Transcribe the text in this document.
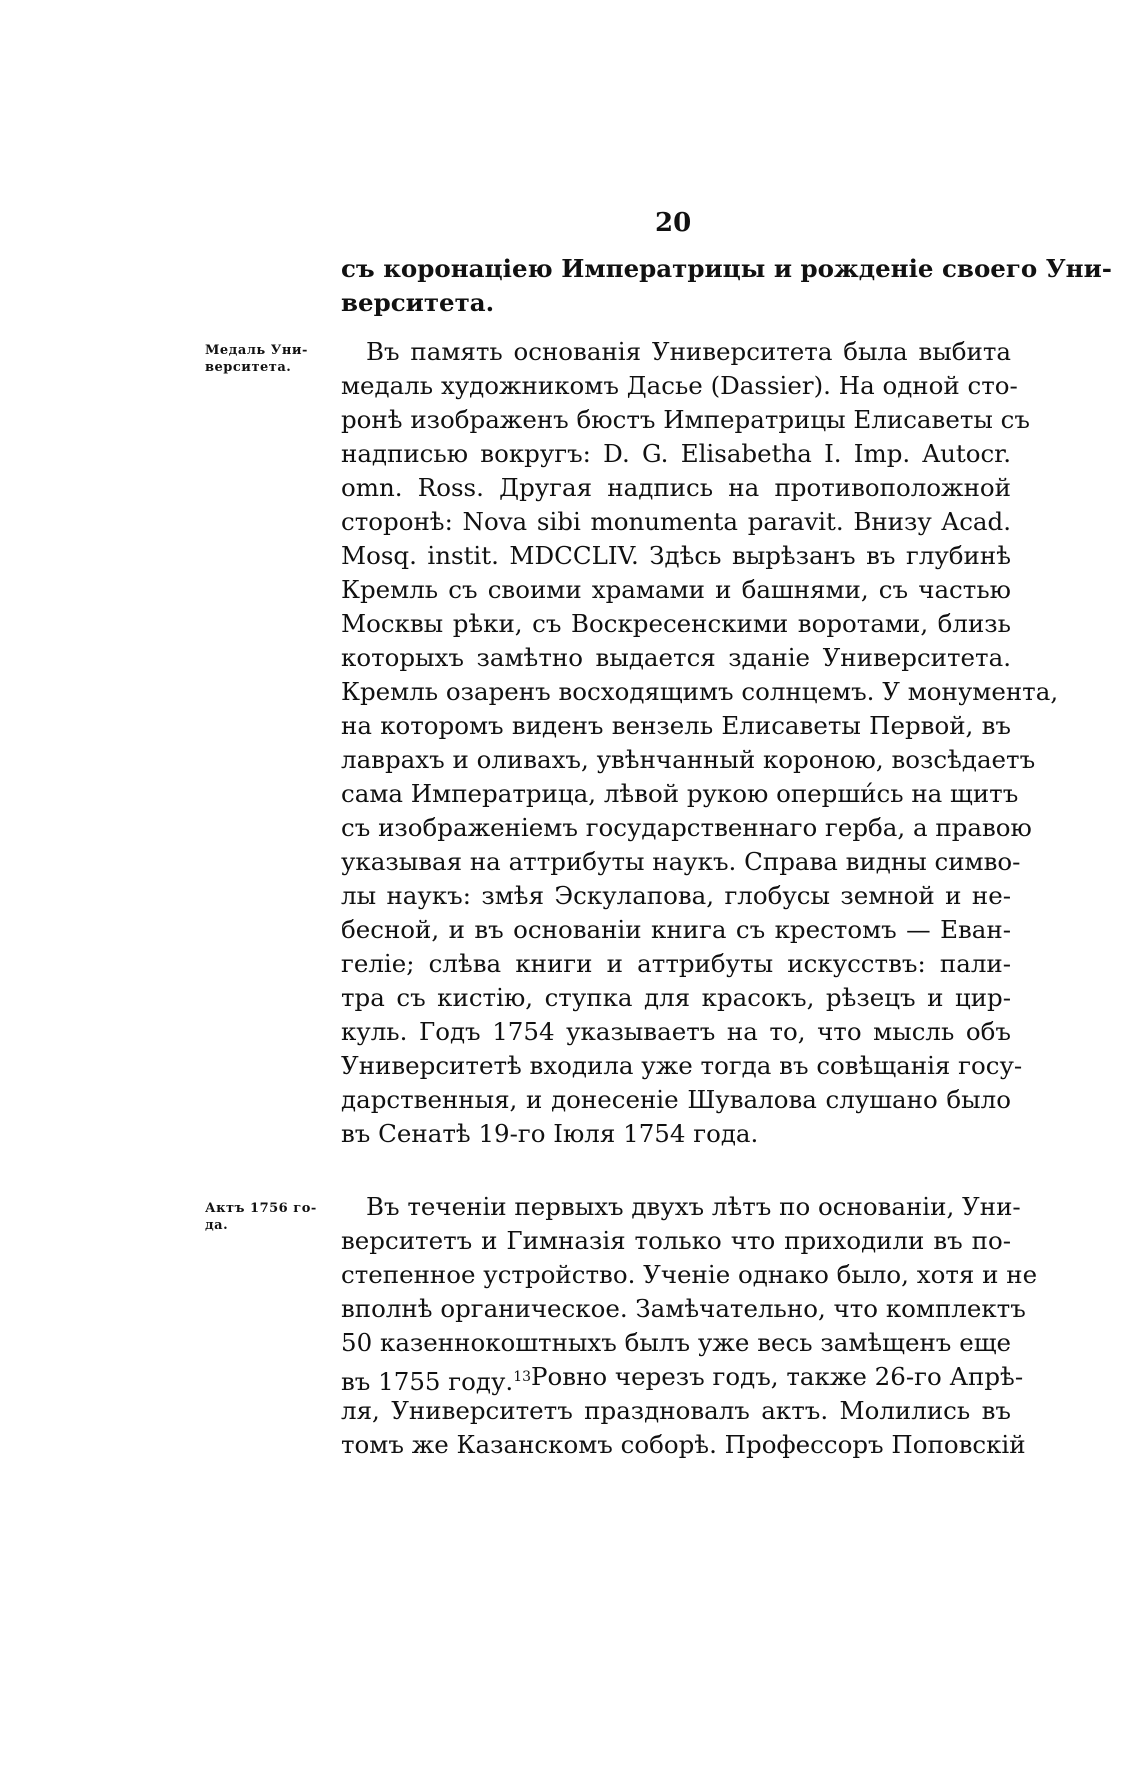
20
съ коронацiею Императрицы и рожденiе своего Уни-
верситета.
Медаль Уни-
верситета.
Въ память основанiя Университета была выбита
медаль художникомъ Дасье (Dassier). На одной сто-
ронѣ изображенъ бюстъ Императрицы Елисаветы съ
надписью вокругъ: D. G. Elisabetha I. Imp. Autocr.
omn. Ross. Другая надпись на противоположной
сторонѣ: Nova sibi monumenta paravit. Внизу Acad.
Mosq. instit. MDCCLIV. Здѣсь вырѣзанъ въ глубинѣ
Кремль съ своими храмами и башнями, съ частью
Москвы рѣки, съ Воскресенскими воротами, близь
которыхъ замѣтно выдается зданiе Университета.
Кремль озаренъ восходящимъ солнцемъ. У монумента,
на которомъ виденъ вензель Елисаветы Первой, въ
лаврахъ и оливахъ, увѣнчанный короною, возсѣдаетъ
сама Императрица, лѣвой рукою оперши́сь на щитъ
съ изображенiемъ государственнаго герба, а правою
указывая на аттрибуты наукъ. Справа видны симво-
лы наукъ: змѣя Эскулапова, глобусы земной и не-
бесной, и въ основанiи книга съ крестомъ — Еван-
гелiе; слѣва книги и аттрибуты искусствъ: пали-
тра съ кистiю, ступка для красокъ, рѣзецъ и цир-
куль. Годъ 1754 указываетъ на то, что мысль объ
Университетѣ входила уже тогда въ совѣщанiя госу-
дарственныя, и донесенiе Шувалова слушано было
въ Сенатѣ 19-го Iюля 1754 года.
Актъ 1756 го-
да.
Въ теченiи первыхъ двухъ лѣтъ по основанiи, Уни-
верситетъ и Гимназiя только что приходили въ по-
степенное устройство. Ученiе однако было, хотя и не
вполнѣ органическое. Замѣчательно, что комплектъ
50 казеннокоштныхъ былъ уже весь замѣщенъ еще
въ 1755 году.$^{13}$ Ровно черезъ годъ, также 26-го Апрѣ-
ля, Университетъ праздновалъ актъ. Молились въ
томъ же Казанскомъ соборѣ. Профессоръ Поповскiй
